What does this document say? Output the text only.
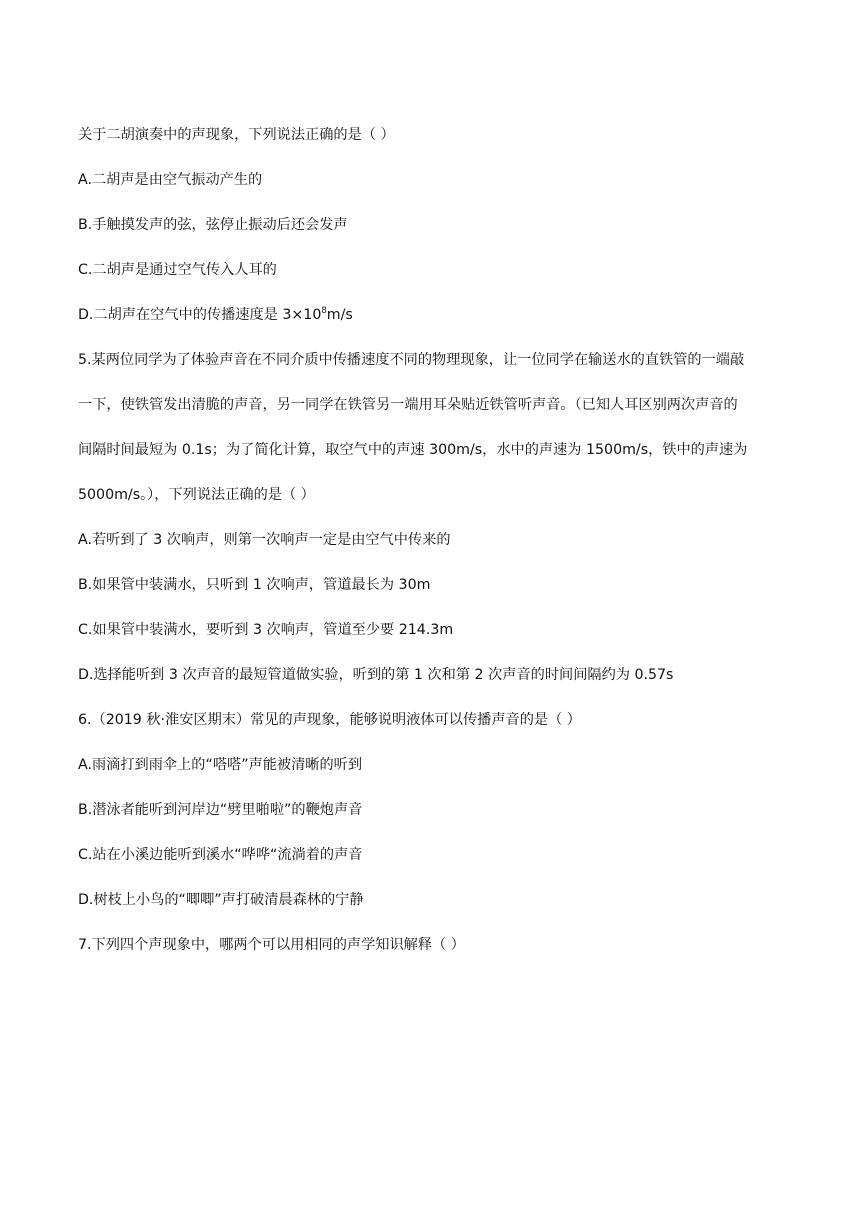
关于二胡演奏中的声现象，下列说法正确的是（ ）
A.二胡声是由空气振动产生的
B.手触摸发声的弦，弦停止振动后还会发声
C.二胡声是通过空气传入人耳的
D.二胡声在空气中的传播速度是 $3\times 10^8m/s$
5.某两位同学为了体验声音在不同介质中传播速度不同的物理现象，让一位同学在输送水的直铁管的一端敲
一下，使铁管发出清脆的声音，另一同学在铁管另一端用耳朵贴近铁管听声音。（已知人耳区别两次声音的
间隔时间最短为 0.1s；为了简化计算，取空气中的声速 300m/s，水中的声速为 1500m/s，铁中的声速为
5000m/s。），下列说法正确的是（ ）
A.若听到了 3 次响声，则第一次响声一定是由空气中传来的
B.如果管中装满水，只听到 1 次响声，管道最长为 30m
C.如果管中装满水，要听到 3 次响声，管道至少要 214.3m
D.选择能听到 3 次声音的最短管道做实验，听到的第 1 次和第 2 次声音的时间间隔约为 0.57s
6.（2019 秋·淮安区期末）常见的声现象，能够说明液体可以传播声音的是（ ）
A.雨滴打到雨伞上的“嗒嗒”声能被清晰的听到
B.潜泳者能听到河岸边“劈里啪啦”的鞭炮声音
C.站在小溪边能听到溪水“哗哗“流淌着的声音
D.树枝上小鸟的“唧唧”声打破清晨森林的宁静
7.下列四个声现象中，哪两个可以用相同的声学知识解释（ ）
